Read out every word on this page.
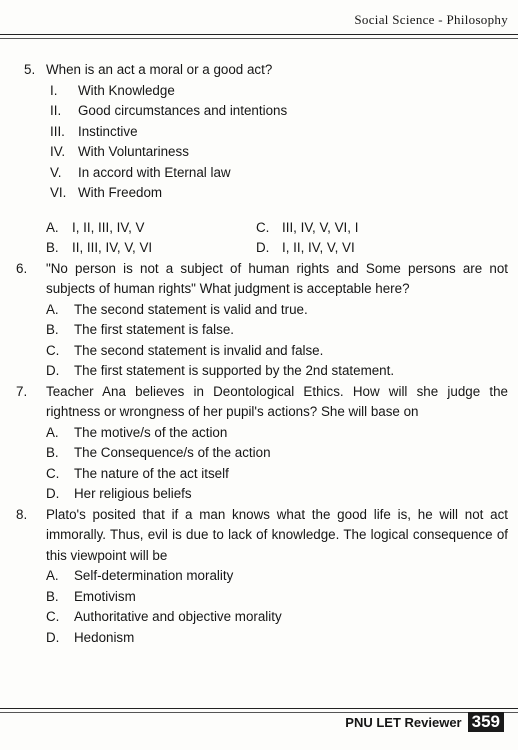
Social Science - Philosophy
5. When is an act a moral or a good act?
I. With Knowledge
II. Good circumstances and intentions
III. Instinctive
IV. With Voluntariness
V. In accord with Eternal law
VI. With Freedom
A. I, II, III, IV, V	C. III, IV, V, VI, I
B. II, III, IV, V, VI	D. I, II, IV, V, VI
6. "No person is not a subject of human rights and Some persons are not subjects of human rights" What judgment is acceptable here?
A. The second statement is valid and true.
B. The first statement is false.
C. The second statement is invalid and false.
D. The first statement is supported by the 2nd statement.
7. Teacher Ana believes in Deontological Ethics. How will she judge the rightness or wrongness of her pupil's actions? She will base on
A. The motive/s of the action
B. The Consequence/s of the action
C. The nature of the act itself
D. Her religious beliefs
8. Plato's posited that if a man knows what the good life is, he will not act immorally. Thus, evil is due to lack of knowledge. The logical consequence of this viewpoint will be
A. Self-determination morality
B. Emotivism
C. Authoritative and objective morality
D. Hedonism
PNU LET Reviewer 359
